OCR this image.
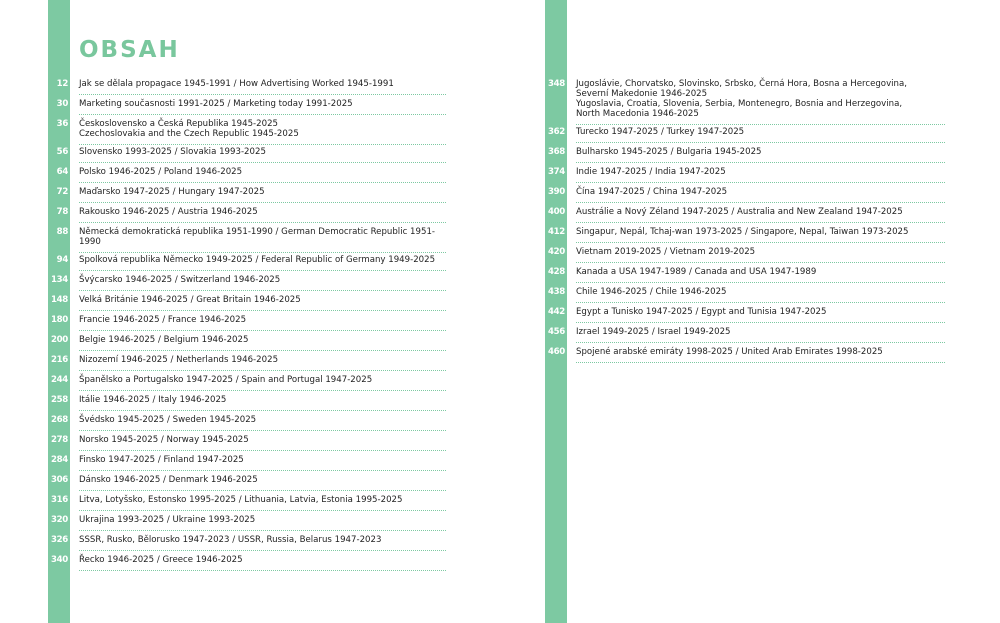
OBSAH
12 Jak se dělala propagace 1945-1991 / How Advertising Worked 1945-1991
30 Marketing současnosti 1991-2025 / Marketing today 1991-2025
36 Československo a Česká Republika 1945-2025
Czechoslovakia and the Czech Republic 1945-2025
56 Slovensko 1993-2025 / Slovakia 1993-2025
64 Polsko 1946-2025 / Poland 1946-2025
72 Maďarsko 1947-2025 / Hungary 1947-2025
78 Rakousko 1946-2025 / Austria 1946-2025
88 Německá demokratická republika 1951-1990 / German Democratic Republic 1951-1990
94 Spolková republika Německo 1949-2025 / Federal Republic of Germany 1949-2025
134 Švýcarsko 1946-2025 / Switzerland 1946-2025
148 Velká Británie 1946-2025 / Great Britain 1946-2025
180 Francie 1946-2025 / France 1946-2025
200 Belgie 1946-2025 / Belgium 1946-2025
216 Nizozemí 1946-2025 / Netherlands 1946-2025
244 Španělsko a Portugalsko 1947-2025 / Spain and Portugal 1947-2025
258 Itálie 1946-2025 / Italy 1946-2025
268 Švédsko 1945-2025 / Sweden 1945-2025
278 Norsko 1945-2025 / Norway 1945-2025
284 Finsko 1947-2025 / Finland 1947-2025
306 Dánsko 1946-2025 / Denmark 1946-2025
316 Litva, Lotyšsko, Estonsko 1995-2025 / Lithuania, Latvia, Estonia 1995-2025
320 Ukrajina 1993-2025 / Ukraine 1993-2025
326 SSSR, Rusko, Bělorusko 1947-2023 / USSR, Russia, Belarus 1947-2023
340 Řecko 1946-2025 / Greece 1946-2025
348 Jugoslávie, Chorvatsko, Slovinsko, Srbsko, Černá Hora, Bosna a Hercegovina,
Severní Makedonie 1946-2025
Yugoslavia, Croatia, Slovenia, Serbia, Montenegro, Bosnia and Herzegovina,
North Macedonia 1946-2025
362 Turecko 1947-2025 / Turkey 1947-2025
368 Bulharsko 1945-2025 / Bulgaria 1945-2025
374 Indie 1947-2025 / India 1947-2025
390 Čína 1947-2025 / China 1947-2025
400 Austrálie a Nový Zéland 1947-2025 / Australia and New Zealand 1947-2025
412 Singapur, Nepál, Tchaj-wan 1973-2025 / Singapore, Nepal, Taiwan 1973-2025
420 Vietnam 2019-2025 / Vietnam 2019-2025
428 Kanada a USA 1947-1989 / Canada and USA 1947-1989
438 Chile 1946-2025 / Chile 1946-2025
442 Egypt a Tunisko 1947-2025 / Egypt and Tunisia 1947-2025
456 Izrael 1949-2025 / Israel 1949-2025
460 Spojené arabské emiráty 1998-2025 / United Arab Emirates 1998-2025
